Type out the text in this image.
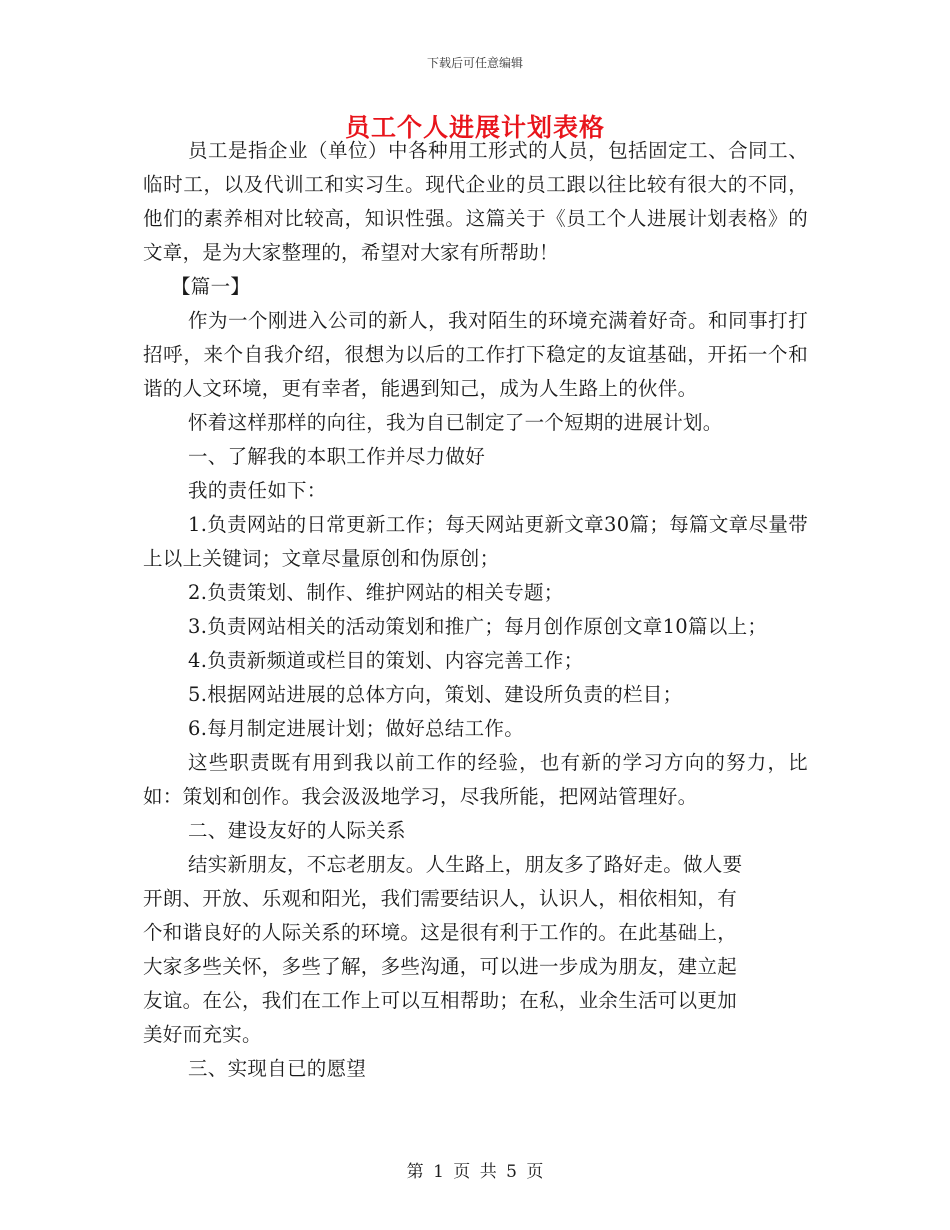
下载后可任意编辑
员工个人进展计划表格

员工是指企业（单位）中各种用工形式的人员，包括固定工、合同工、临时工，以及代训工和实习生。现代企业的员工跟以往比较有很大的不同，他们的素养相对比较高，知识性强。这篇关于《员工个人进展计划表格》的文章，是为大家整理的，希望对大家有所帮助！

【篇一】

作为一个刚进入公司的新人，我对陌生的环境充满着好奇。和同事打打招呼，来个自我介绍，很想为以后的工作打下稳定的友谊基础，开拓一个和谐的人文环境，更有幸者，能遇到知己，成为人生路上的伙伴。

怀着这样那样的向往，我为自已制定了一个短期的进展计划。

一、了解我的本职工作并尽力做好

我的责任如下：

1.负责网站的日常更新工作；每天网站更新文章30篇；每篇文章尽量带上以上关键词；文章尽量原创和伪原创；

2.负责策划、制作、维护网站的相关专题；

3.负责网站相关的活动策划和推广；每月创作原创文章10篇以上；

4.负责新频道或栏目的策划、内容完善工作；

5.根据网站进展的总体方向，策划、建设所负责的栏目；

6.每月制定进展计划；做好总结工作。

这些职责既有用到我以前工作的经验，也有新的学习方向的努力，比如：策划和创作。我会汲汲地学习，尽我所能，把网站管理好。

二、建设友好的人际关系

结实新朋友，不忘老朋友。人生路上，朋友多了路好走。做人要
开朗、开放、乐观和阳光，我们需要结识人，认识人，相依相知，有
个和谐良好的人际关系的环境。这是很有利于工作的。在此基础上，
大家多些关怀，多些了解，多些沟通，可以进一步成为朋友，建立起
友谊。在公，我们在工作上可以互相帮助；在私，业余生活可以更加
美好而充实。

三、实现自已的愿望

第 1 页 共 5 页
